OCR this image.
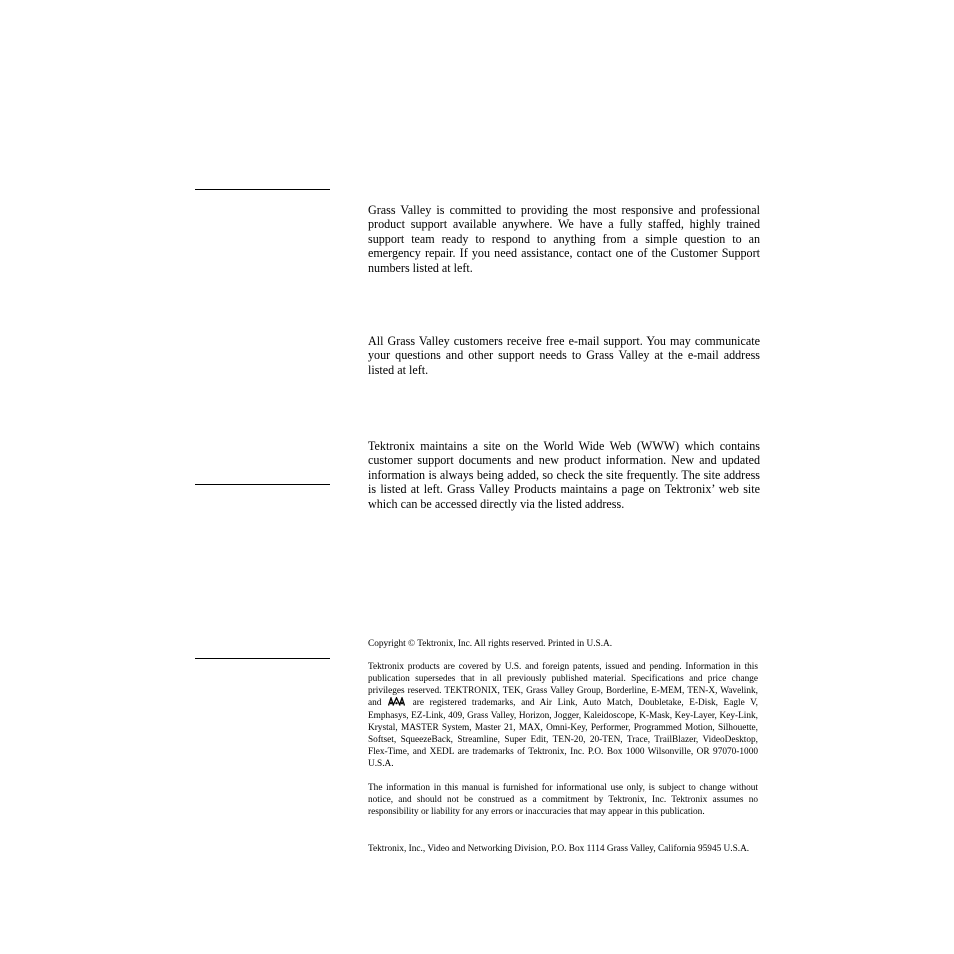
Grass Valley is committed to providing the most responsive and professional product support available anywhere. We have a fully staffed, highly trained support team ready to respond to anything from a simple question to an emergency repair. If you need assistance, contact one of the Customer Support numbers listed at left.

All Grass Valley customers receive free e-mail support. You may communicate your questions and other support needs to Grass Valley at the e-mail address listed at left.

Tektronix maintains a site on the World Wide Web (WWW) which contains customer support documents and new product information. New and updated information is always being added, so check the site frequently. The site address is listed at left. Grass Valley Products maintains a page on Tektronix’ web site which can be accessed directly via the listed address.

Copyright © Tektronix, Inc. All rights reserved. Printed in U.S.A.

Tektronix products are covered by U.S. and foreign patents, issued and pending. Information in this publication supersedes that in all previously published material. Specifications and price change privileges reserved. TEKTRONIX, TEK, Grass Valley Group, Borderline, E-MEM, TEN-X, Wavelink, and	are registered trademarks, and Air Link, Auto Match, Doubletake, E-Disk, Eagle V, Emphasys, EZ-Link, 409, Grass Valley, Horizon, Jogger, Kaleidoscope, K-Mask, Key-Layer, Key-Link, Krystal, MASTER System, Master 21, MAX, Omni-Key, Performer, Programmed Motion, Silhouette, Softset, SqueezeBack, Streamline, Super Edit, TEN-20, 20-TEN, Trace, TrailBlazer, VideoDesktop, Flex-Time, and XEDL are trademarks of Tektronix, Inc. P.O. Box 1000 Wilsonville, OR 97070-1000 U.S.A.

The information in this manual is furnished for informational use only, is subject to change without notice, and should not be construed as a commitment by Tektronix, Inc. Tektronix assumes no responsibility or liability for any errors or inaccuracies that may appear in this publication.

Tektronix, Inc., Video and Networking Division, P.O. Box 1114 Grass Valley, California 95945 U.S.A.
